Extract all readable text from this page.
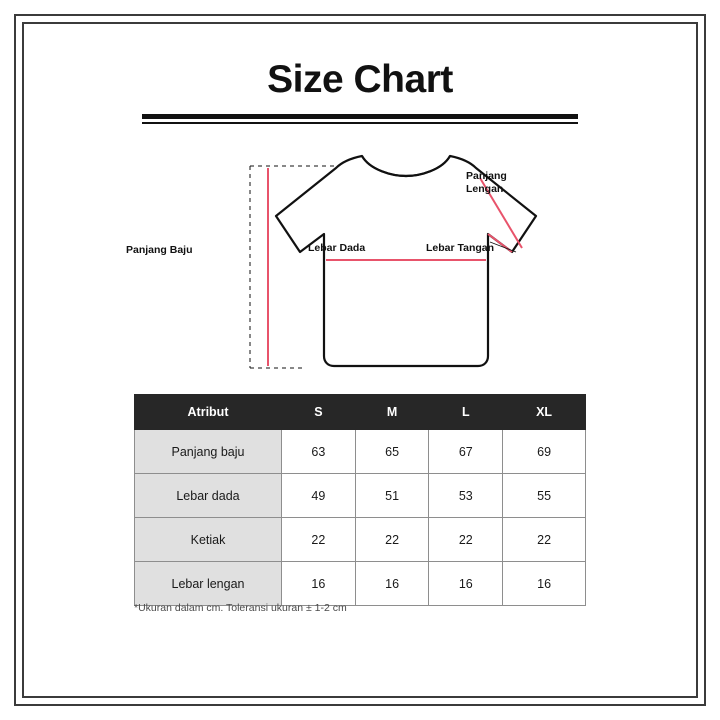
Size Chart
Panjang Baju	Lebar Dada
Panjang
Lengan
Lebar Tangan
Atribut	S	M	L	XL
Panjang baju	63	65	67	69
Lebar dada	49	51	53	55
Ketiak	22	22	22	22
Lebar lengan	16	16	16	16
*Ukuran dalam cm. Toleransi ukuran ± 1-2 cm
